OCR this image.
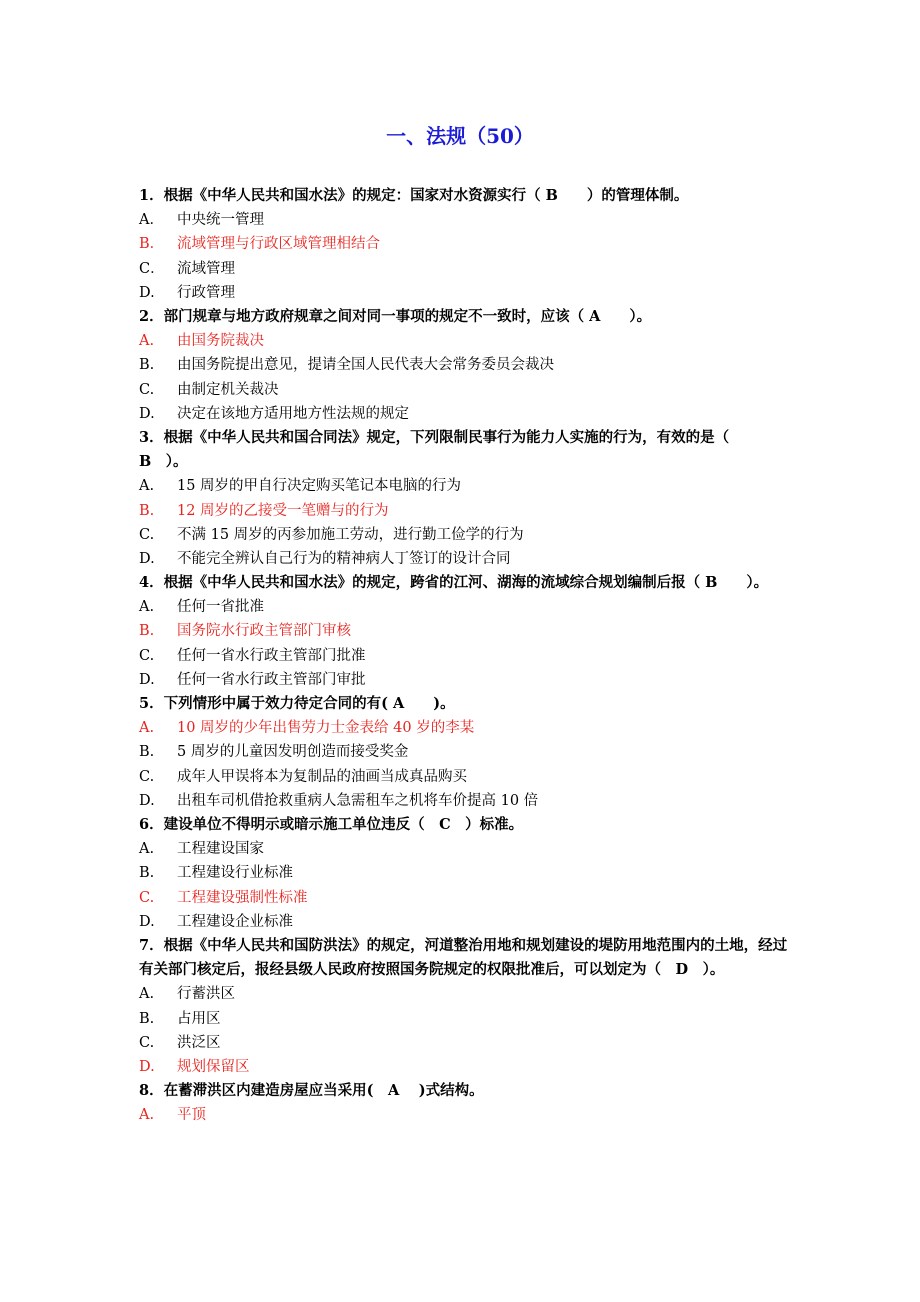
一、法规（50）
1．根据《中华人民共和国水法》的规定：国家对水资源实行（ B　　）的管理体制。
A． 中央统一管理
B． 流域管理与行政区域管理相结合
C． 流域管理
D.	行政管理
2．部门规章与地方政府规章之间对同一事项的规定不一致时，应该（ A　　）。
A.	由国务院裁决
B.	由国务院提出意见，提请全国人民代表大会常务委员会裁决
C.	由制定机关裁决
D.	决定在该地方适用地方性法规的规定
3．根据《中华人民共和国合同法》规定，下列限制民事行为能力人实施的行为，有效的是（　B　）。
A.	15 周岁的甲自行决定购买笔记本电脑的行为
B.	12 周岁的乙接受一笔赠与的行为
C.	不满 15 周岁的丙参加施工劳动，进行勤工俭学的行为
D.	不能完全辨认自己行为的精神病人丁签订的设计合同
4．根据《中华人民共和国水法》的规定，跨省的江河、湖海的流域综合规划编制后报（ B　　）。
A.	任何一省批准
B.	国务院水行政主管部门审核
C.	任何一省水行政主管部门批准
D.	任何一省水行政主管部门审批
5．下列情形中属于效力待定合同的有( A　　)。
A.	10 周岁的少年出售劳力士金表给 40 岁的李某
B.	5 周岁的儿童因发明创造而接受奖金
C.	成年人甲误将本为复制品的油画当成真品购买
D.	出租车司机借抢救重病人急需租车之机将车价提高 10 倍
6．建设单位不得明示或暗示施工单位违反（　C　）标准。
A.	工程建设国家
B.	工程建设行业标准
C.	工程建设强制性标准
D.	工程建设企业标准
7．根据《中华人民共和国防洪法》的规定，河道整治用地和规划建设的堤防用地范围内的土地，经过有关部门核定后，报经县级人民政府按照国务院规定的权限批准后，可以划定为（　D　）。
A.	行蓄洪区
B.	占用区
C.	洪泛区
D.	规划保留区
8．在蓄滞洪区内建造房屋应当采用(　A　 )式结构。
A.	平顶
